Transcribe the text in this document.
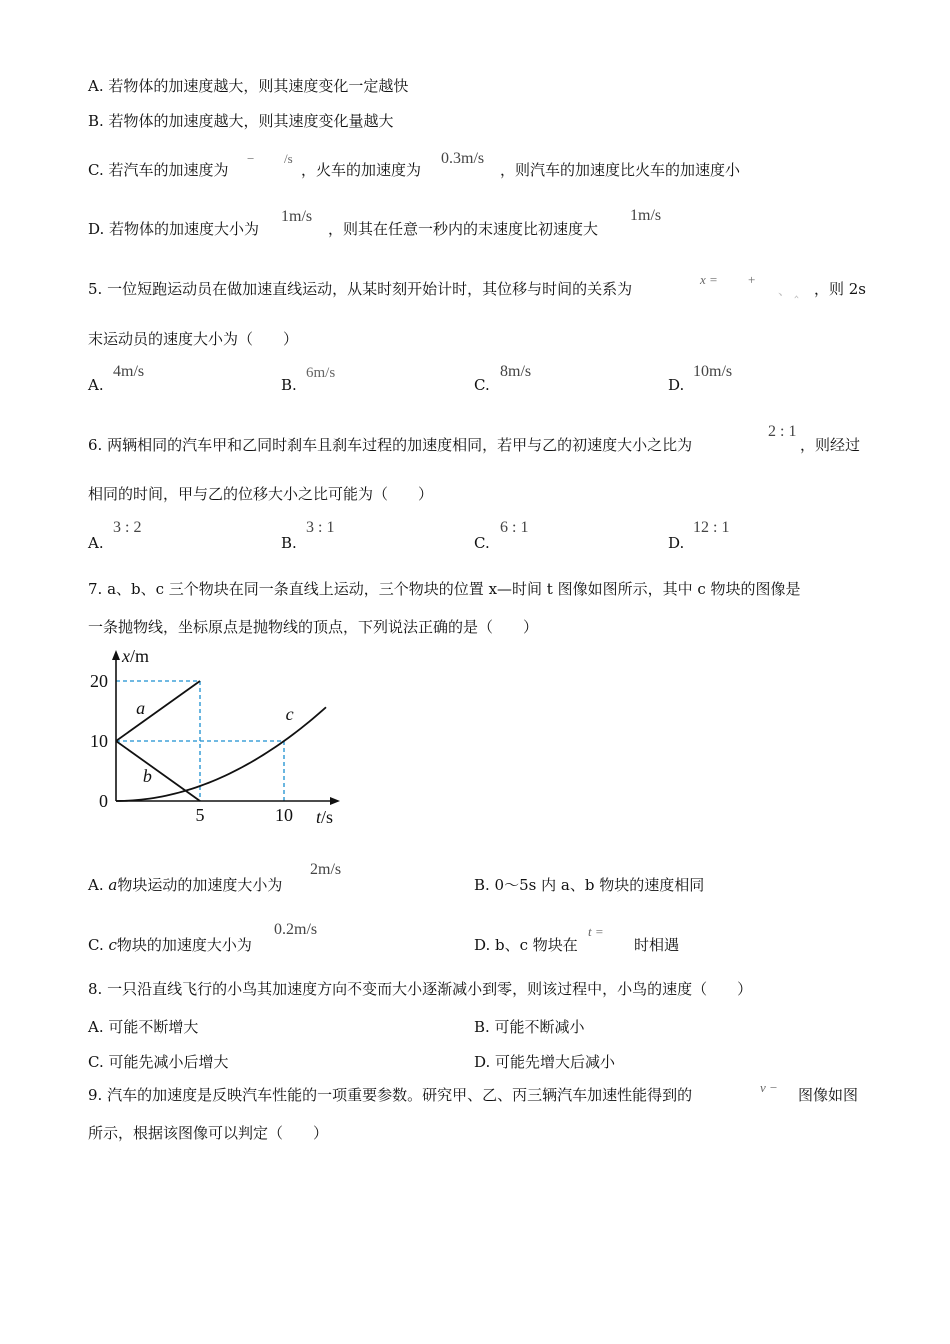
A. 若物体的加速度越大，则其速度变化一定越快
B. 若物体的加速度越大，则其速度变化量越大
C. 若汽车的加速度为
− /s
，火车的加速度为
0.3m/s
，则汽车的加速度比火车的加速度小
D. 若物体的加速度大小为
1m/s
，则其在任意一秒内的末速度比初速度大
1m/s
5. 一位短跑运动员在做加速直线运动，从某时刻开始计时，其位移与时间的关系为
x = +
、 ‸ ，则 2s
末运动员的速度大小为（　　）
A.
4m/s
B.
6m/s
C.
8m/s
D.
10m/s
6. 两辆相同的汽车甲和乙同时刹车且刹车过程的加速度相同，若甲与乙的初速度大小之比为
2 : 1
，则经过
相同的时间，甲与乙的位移大小之比可能为（　　）
A.
3 : 2
B.
3 : 1
C.
6 : 1
D.
12 : 1
7. a、b、c 三个物块在同一条直线上运动，三个物块的位置 x—时间 t 图像如图所示，其中 c 物块的图像是
一条抛物线，坐标原点是抛物线的顶点，下列说法正确的是（　　）
0
10
20
5	10
x/m
t/s
a
b
c
A. a物块运动的加速度大小为
2m/s
B. 0～5s 内 a、b 物块的速度相同
C. c物块的加速度大小为
0.2m/s
D. b、c 物块在
t =
时相遇
8. 一只沿直线飞行的小鸟其加速度方向不变而大小逐渐减小到零，则该过程中，小鸟的速度（　　）
A. 可能不断增大	B. 可能不断减小
C. 可能先减小后增大	D. 可能先增大后减小
9. 汽车的加速度是反映汽车性能的一项重要参数。研究甲、乙、丙三辆汽车加速性能得到的	v − 图像如图
所示，根据该图像可以判定（　　）
